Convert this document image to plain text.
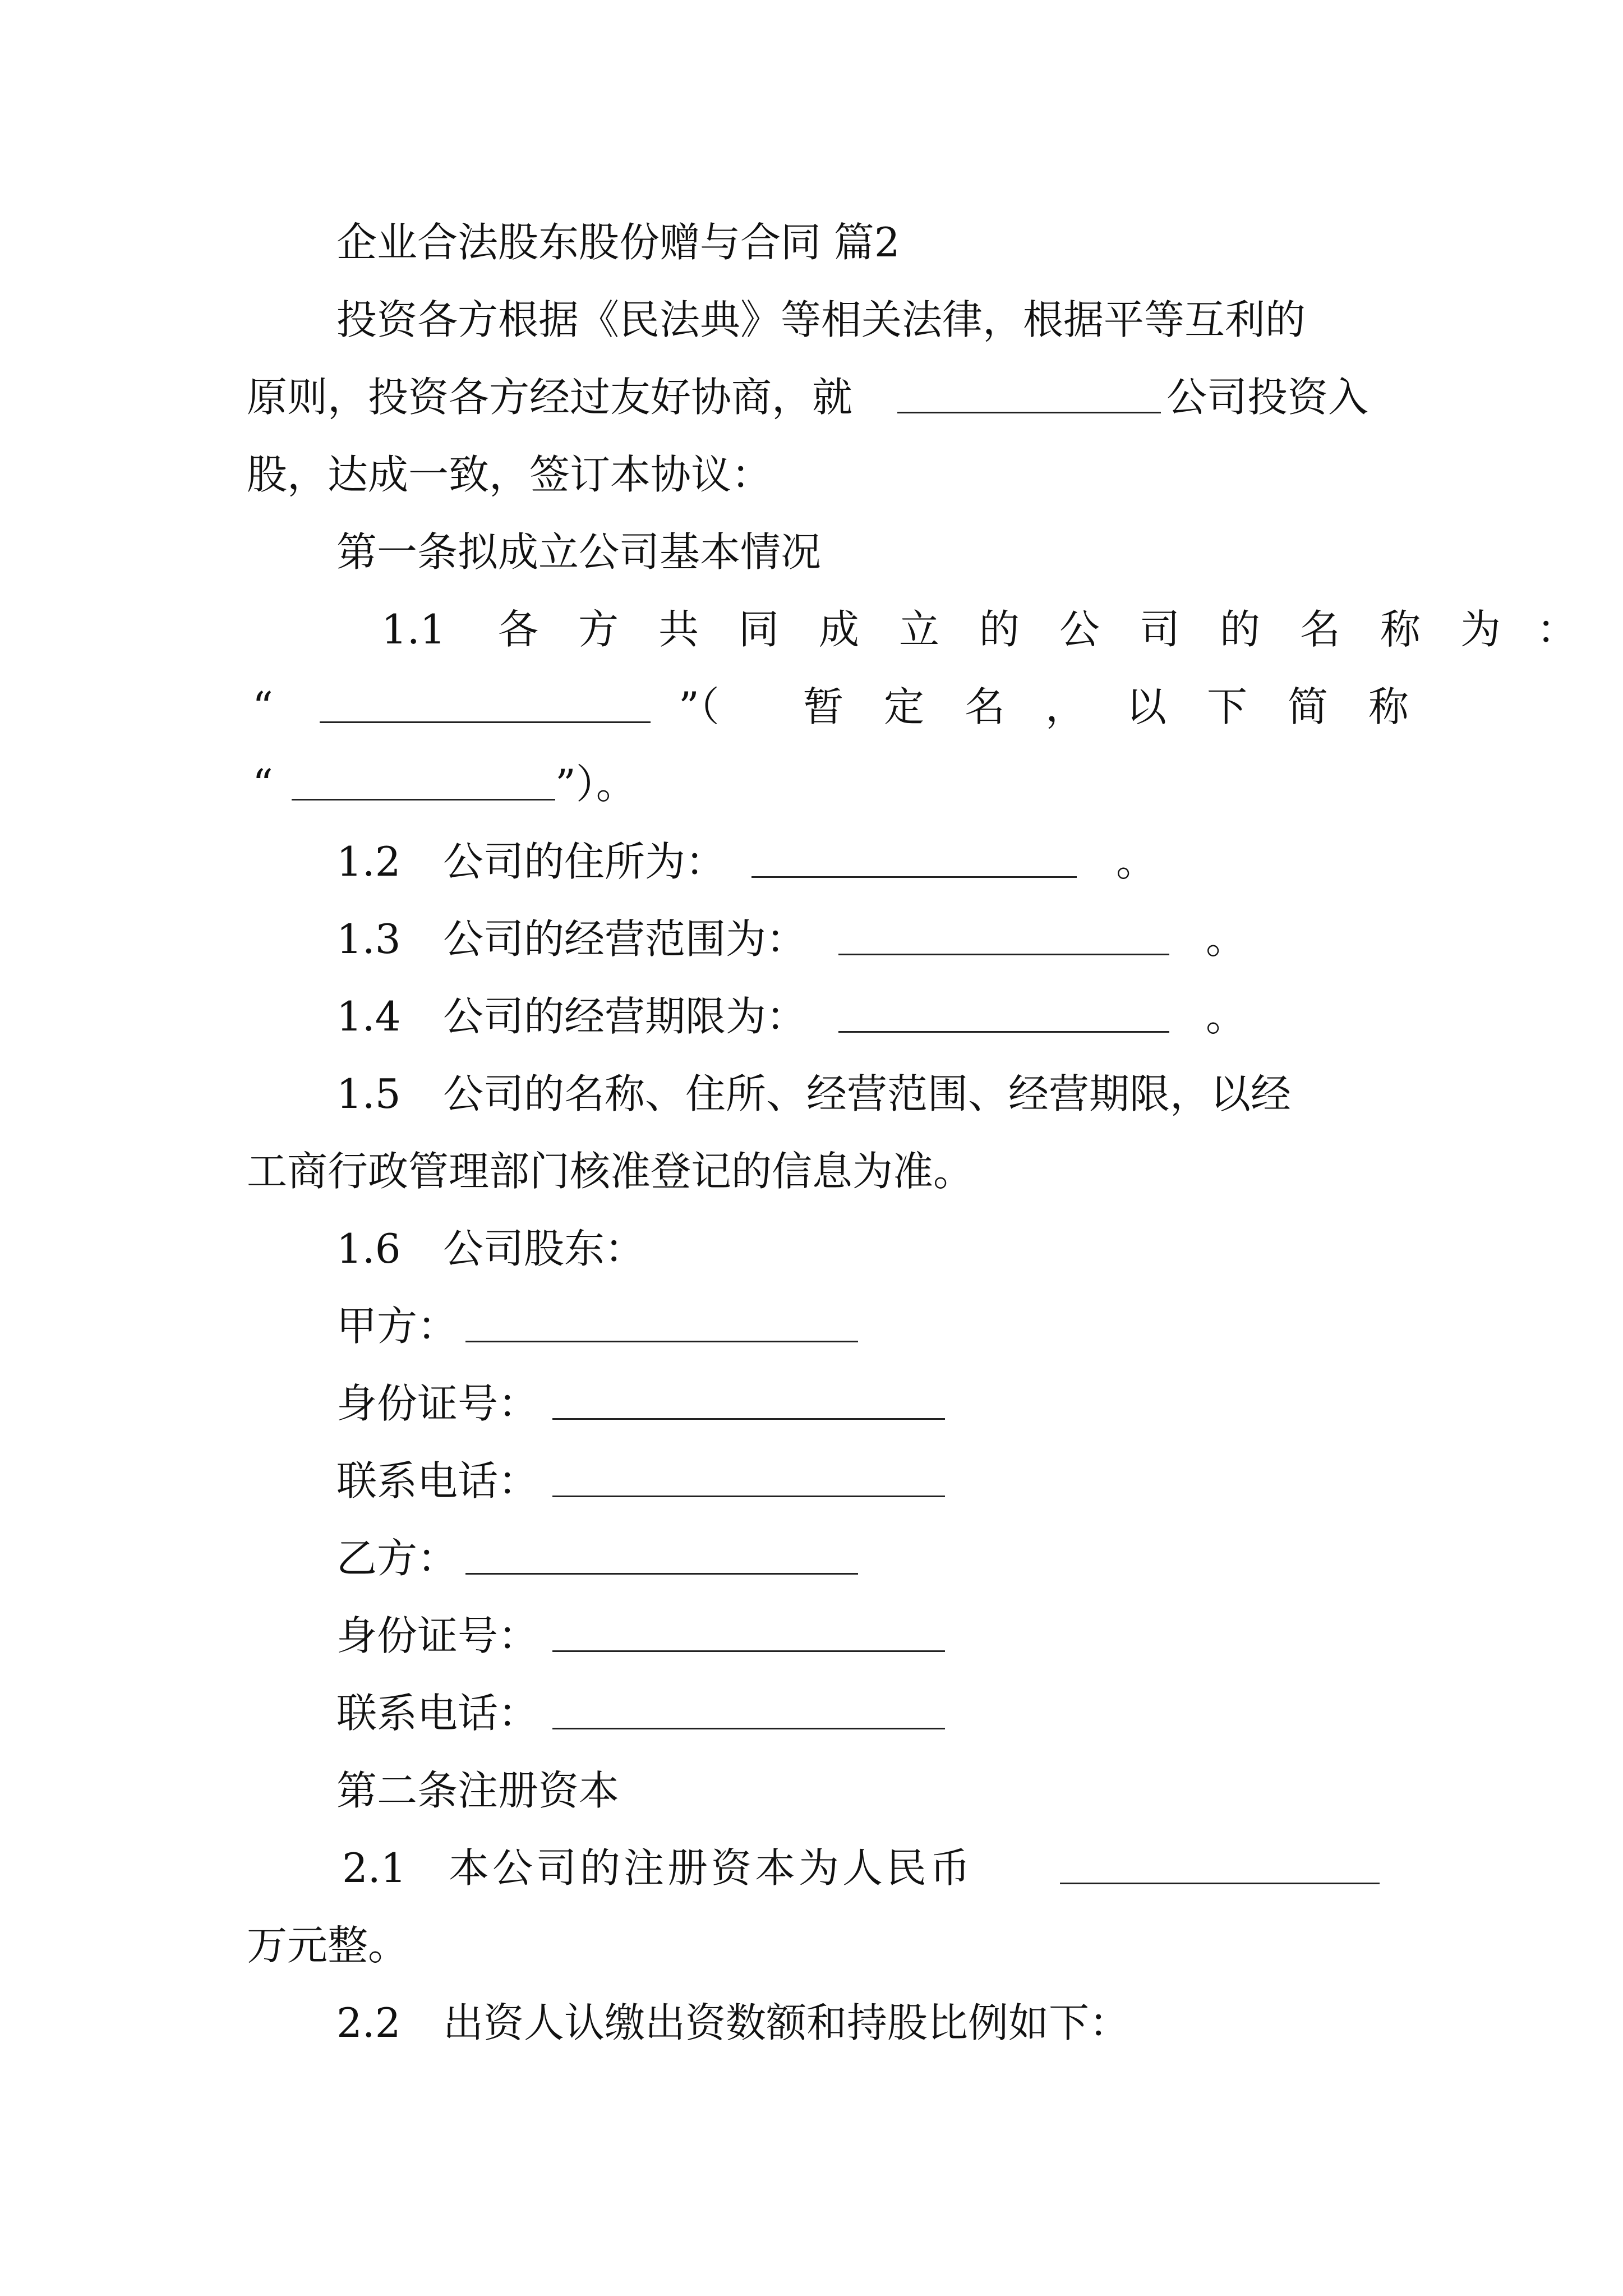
企业合法股东股份赠与合同 篇2

投资各方根据《民法典》等相关法律，根据平等互利的

原则，投资各方经过友好协商，就

	公司投资入

股，达成一致，签订本协议：

第一条拟成立公司基本情况

1.1

各

方

共

同

成

立

的

公

司

的

名

称

为

：

“

	”（

暂

定

名

，

以

下

简

称

“

	”）。

1.2

公司的住所为：

	。

1.3

公司的经营范围为：

	。

1.4

公司的经营期限为：

	。

1.5

公司的名称、住所、经营范围、经营期限，以经

工商行政管理部门核准登记的信息为准。

1.6

公司股东：

甲方：

身份证号：

联系电话：

乙方：

身份证号：

联系电话：

第二条注册资本

2.1

本公司的注册资本为人民币

万元整。

2.2

出资人认缴出资数额和持股比例如下：
